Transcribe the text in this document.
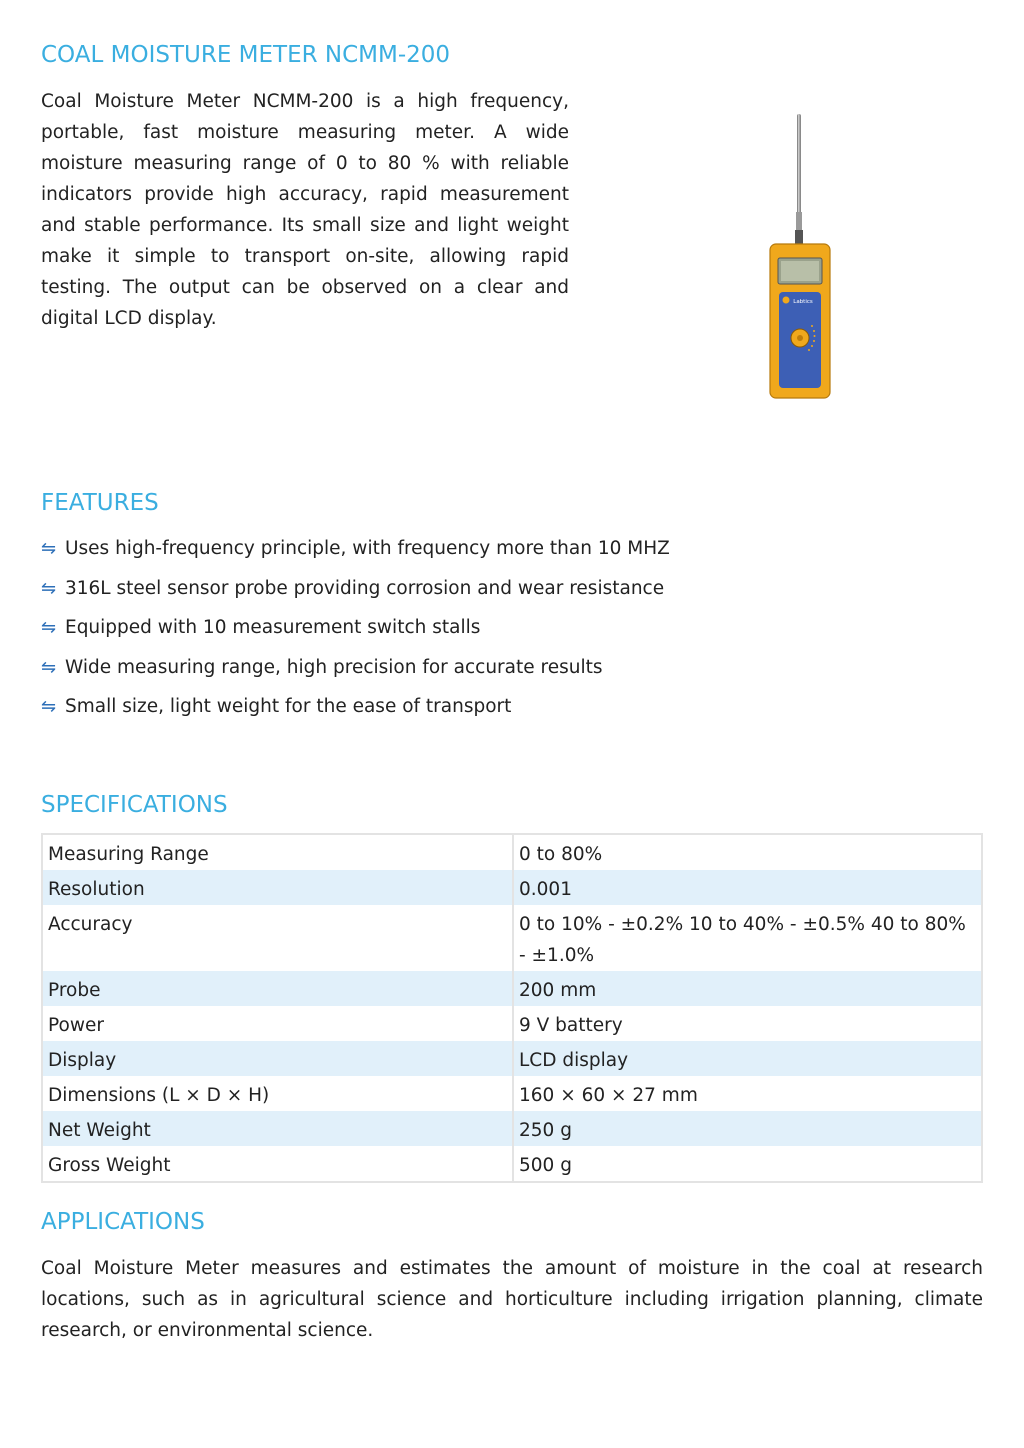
COAL MOISTURE METER NCMM-200

Coal Moisture Meter NCMM-200 is a high frequency, portable, fast moisture measuring meter. A wide moisture measuring range of 0 to 80 % with reliable indicators provide high accuracy, rapid measurement and stable performance. Its small size and light weight make it simple to transport on-site, allowing rapid testing. The output can be observed on a clear and digital LCD display.

Labtics
FEATURES
⇋ Uses high-frequency principle, with frequency more than 10 MHZ
⇋ 316L steel sensor probe providing corrosion and wear resistance
⇋ Equipped with 10 measurement switch stalls
⇋ Wide measuring range, high precision for accurate results
⇋ Small size, light weight for the ease of transport
SPECIFICATIONS
Measuring Range	0 to 80%
Resolution	0.001
Accuracy	0 to 10% - ±0.2% 10 to 40% - ±0.5% 40 to 80% - ±1.0%
Probe	200 mm
Power	9 V battery
Display	LCD display
Dimensions (L × D × H)	160 × 60 × 27 mm
Net Weight	250 g
Gross Weight	500 g
APPLICATIONS

Coal Moisture Meter measures and estimates the amount of moisture in the coal at research locations, such as in agricultural science and horticulture including irrigation planning, climate research, or environmental science.
